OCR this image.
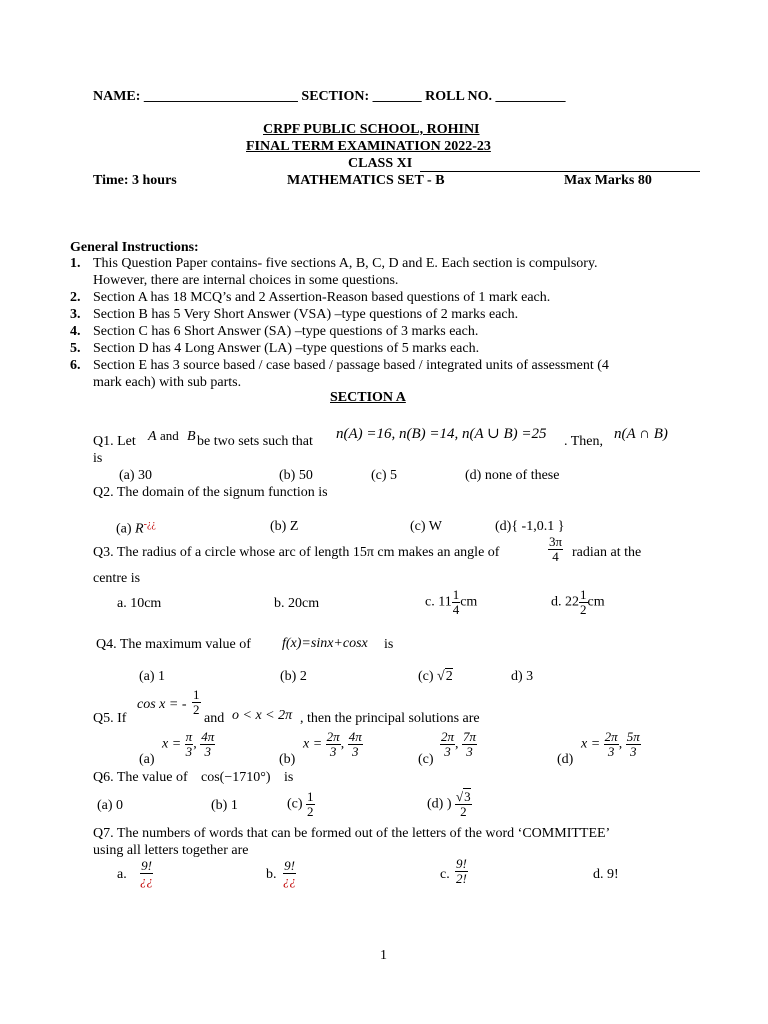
NAME: ______________________ SECTION: _______ ROLL NO. __________
CRPF PUBLIC SCHOOL, ROHINI
FINAL TERM EXAMINATION 2022-23
CLASS XI
Time: 3 hours	MATHEMATICS SET - B	Max Marks 80
General Instructions:
1. This Question Paper contains- five sections A, B, C, D and E. Each section is compulsory.
However, there are internal choices in some questions.
2. Section A has 18 MCQ’s and 2 Assertion-Reason based questions of 1 mark each.
3. Section B has 5 Very Short Answer (VSA) –type questions of 2 marks each.
4. Section C has 6 Short Answer (SA) –type questions of 3 marks each.
5. Section D has 4 Long Answer (LA) –type questions of 5 marks each.
6. Section E has 3 source based / case based / passage based / integrated units of assessment (4
mark each) with sub parts.
SECTION A
Q1. Let A and B be two sets such that n(A) =16, n(B) =14, n(A ∪ B) =25 . Then, n(A ∩ B)
is
(a) 30	(b) 50	(c) 5	(d) none of these
Q2. The domain of the signum function is
(a) R-¿¿	(b) Z	(c) W	(d){ -1,0.1 }
Q3. The radius of a circle whose arc of length 15π cm makes an angle of	$\frac{3\pi}{4}$ radian at the
centre is
a. 10cm	b. 20cm	c. $11 \frac{1}{4}$ cm	d. $22 \frac{1}{2}$ cm
Q4. The maximum value of f(x)=sinx+cosx is
(a) 1	(b) 2	(c) √2	d) 3
cos x = - $\frac{1}{2}$
Q5. If	and o < x < 2π , then the principal solutions are
(a)
$x = \frac{\pi}{3}$ , $\frac{4\pi}{3}$
(b)
$x = \frac{2\pi}{3}$ , $\frac{4\pi}{3}$
(c)
$\frac{2\pi}{3}$ , $\frac{7\pi}{3}$
(d)
$x = \frac{2\pi}{3}$ , $\frac{5\pi}{3}$
Q6. The value of cos(−1710°) is
(a) 0	(b) 1	$(c) \frac{1}{2}$	(d) ) $\frac{√3}{2}$
Q7. The numbers of words that can be formed out of the letters of the word ‘COMMITTEE’
using all letters together are
a. $\frac{9!}{¿¿}$	b. $\frac{9!}{¿¿}$	c. $\frac{9!}{2!}$	d. 9!
1
